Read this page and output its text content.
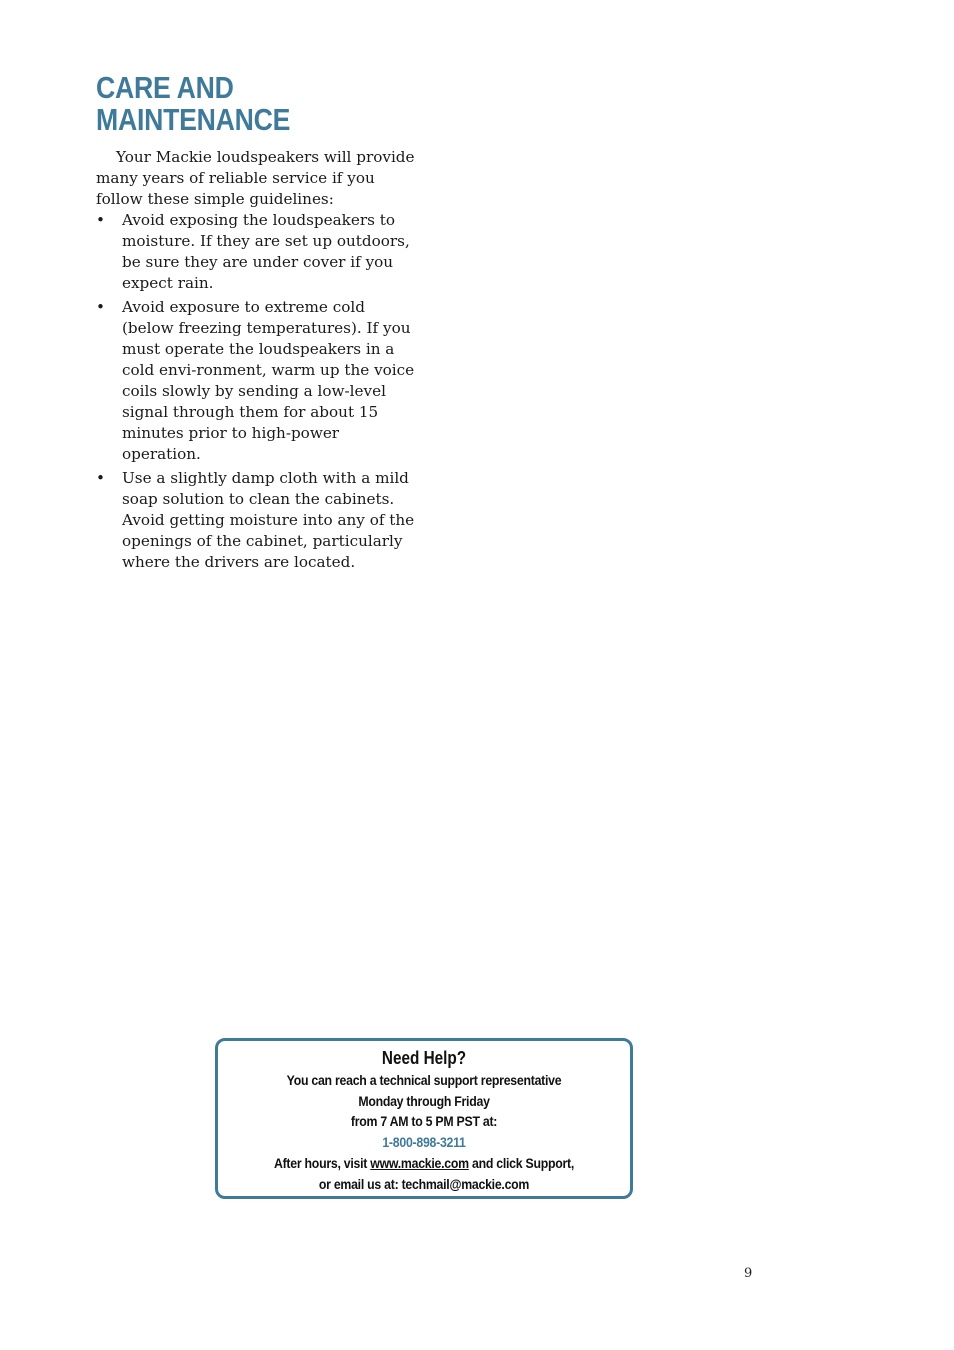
CARE AND
MAINTENANCE

Your Mackie loudspeakers will provide many years of reliable service if you follow these simple guidelines:

• Avoid exposing the loudspeakers to moisture. If they are set up outdoors, be sure they are under cover if you expect rain.
• Avoid exposure to extreme cold (below freezing temperatures). If you must operate the loudspeakers in a cold envi-ronment, warm up the voice coils slowly by sending a low-level signal through them for about 15 minutes prior to high-power operation.
• Use a slightly damp cloth with a mild soap solution to clean the cabinets. Avoid getting moisture into any of the openings of the cabinet, particularly where the drivers are located.
Need Help?
You can reach a technical support representative
Monday through Friday
from 7 AM to 5 PM PST at:
1-800-898-3211
After hours, visit www.mackie.com and click Support,
or email us at: techmail@mackie.com
9
